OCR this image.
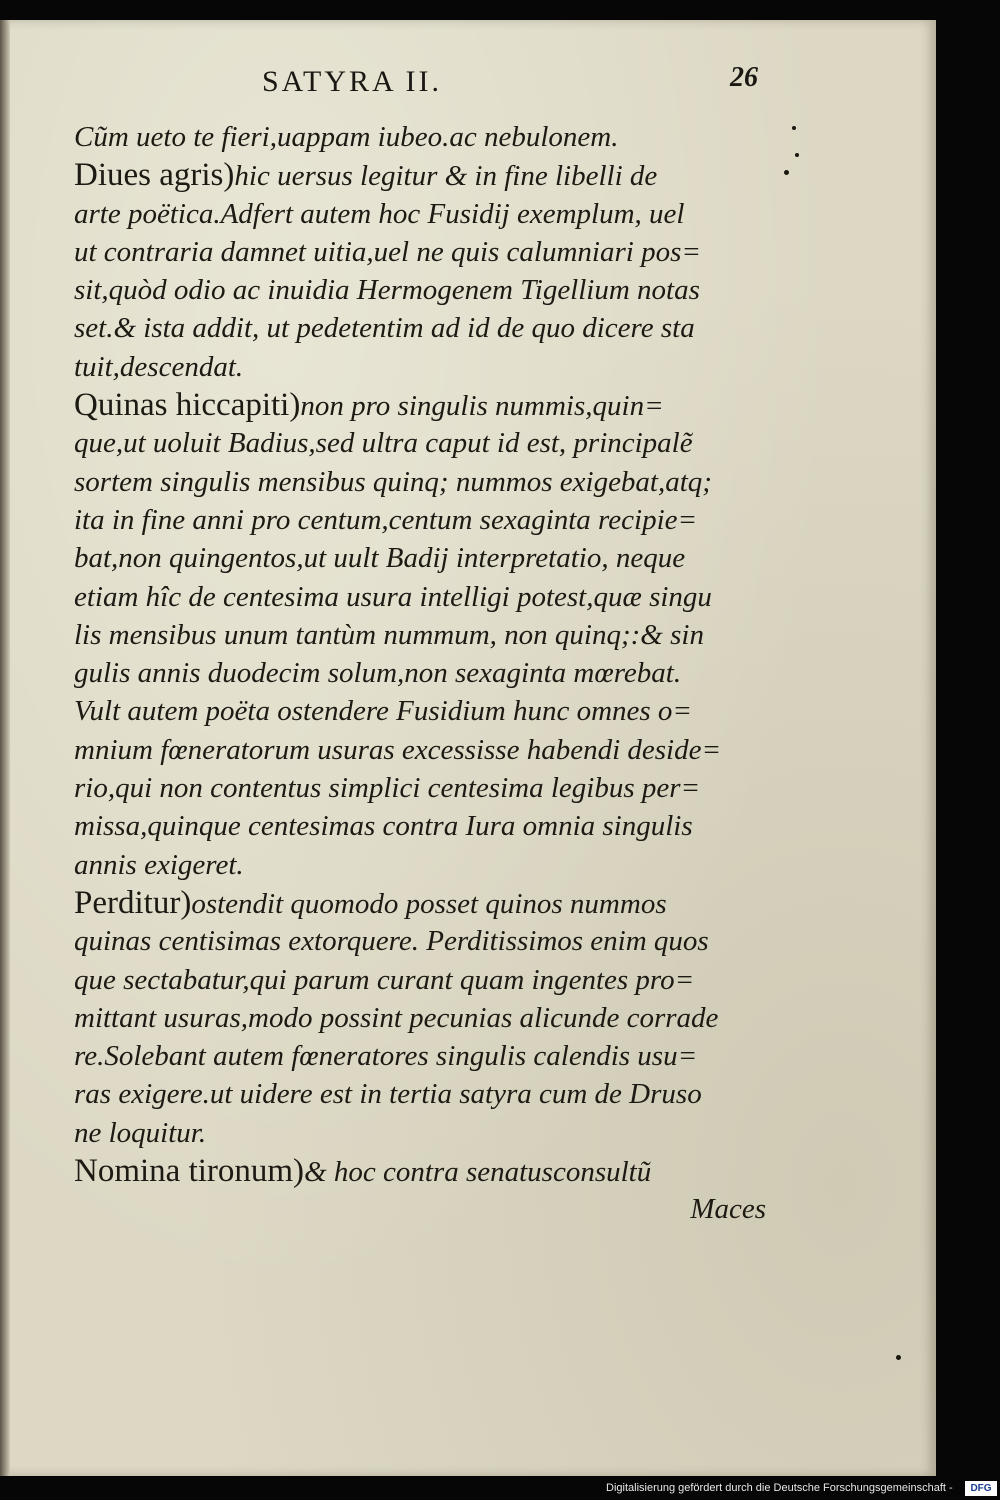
SATYRA II.	26
Cũm ueto te fieri,uappam iubeo.ac nebulonem.
Diues agris)hic uersus legitur & in fine libelli de
arte poëtica.Adfert autem hoc Fusidij exemplum, uel
ut contraria damnet uitia,uel ne quis calumniari pos=
sit,quòd odio ac inuidia Hermogenem Tigellium notas
set.& ista addit, ut pedetentim ad id de quo dicere sta
tuit,descendat.
Quinas hiccapiti)non pro singulis nummis,quin=
que,ut uoluit Badius,sed ultra caput id est, principalẽ
sortem singulis mensibus quinq; nummos exigebat,atq;
ita in fine anni pro centum,centum sexaginta recipie=
bat,non quingentos,ut uult Badij interpretatio, neque
etiam hîc de centesima usura intelligi potest,quæ singu
lis mensibus unum tantùm nummum, non quinq;:& sin
gulis annis duodecim solum,non sexaginta mœrebat.
Vult autem poëta ostendere Fusidium hunc omnes o=
mnium fœneratorum usuras excessisse habendi deside=
rio,qui non contentus simplici centesima legibus per=
missa,quinque centesimas contra Iura omnia singulis
annis exigeret.
Perditur)ostendit quomodo posset quinos nummos
quinas centisimas extorquere. Perditissimos enim quos
que sectabatur,qui parum curant quam ingentes pro=
mittant usuras,modo possint pecunias alicunde corrade
re.Solebant autem fœneratores singulis calendis usu=
ras exigere.ut uidere est in tertia satyra cum de Druso
ne loquitur.
Nomina tironum)& hoc contra senatusconsultũ
Maces
Digitalisierung gefördert durch die Deutsche Forschungsgemeinschaft -	DFG
